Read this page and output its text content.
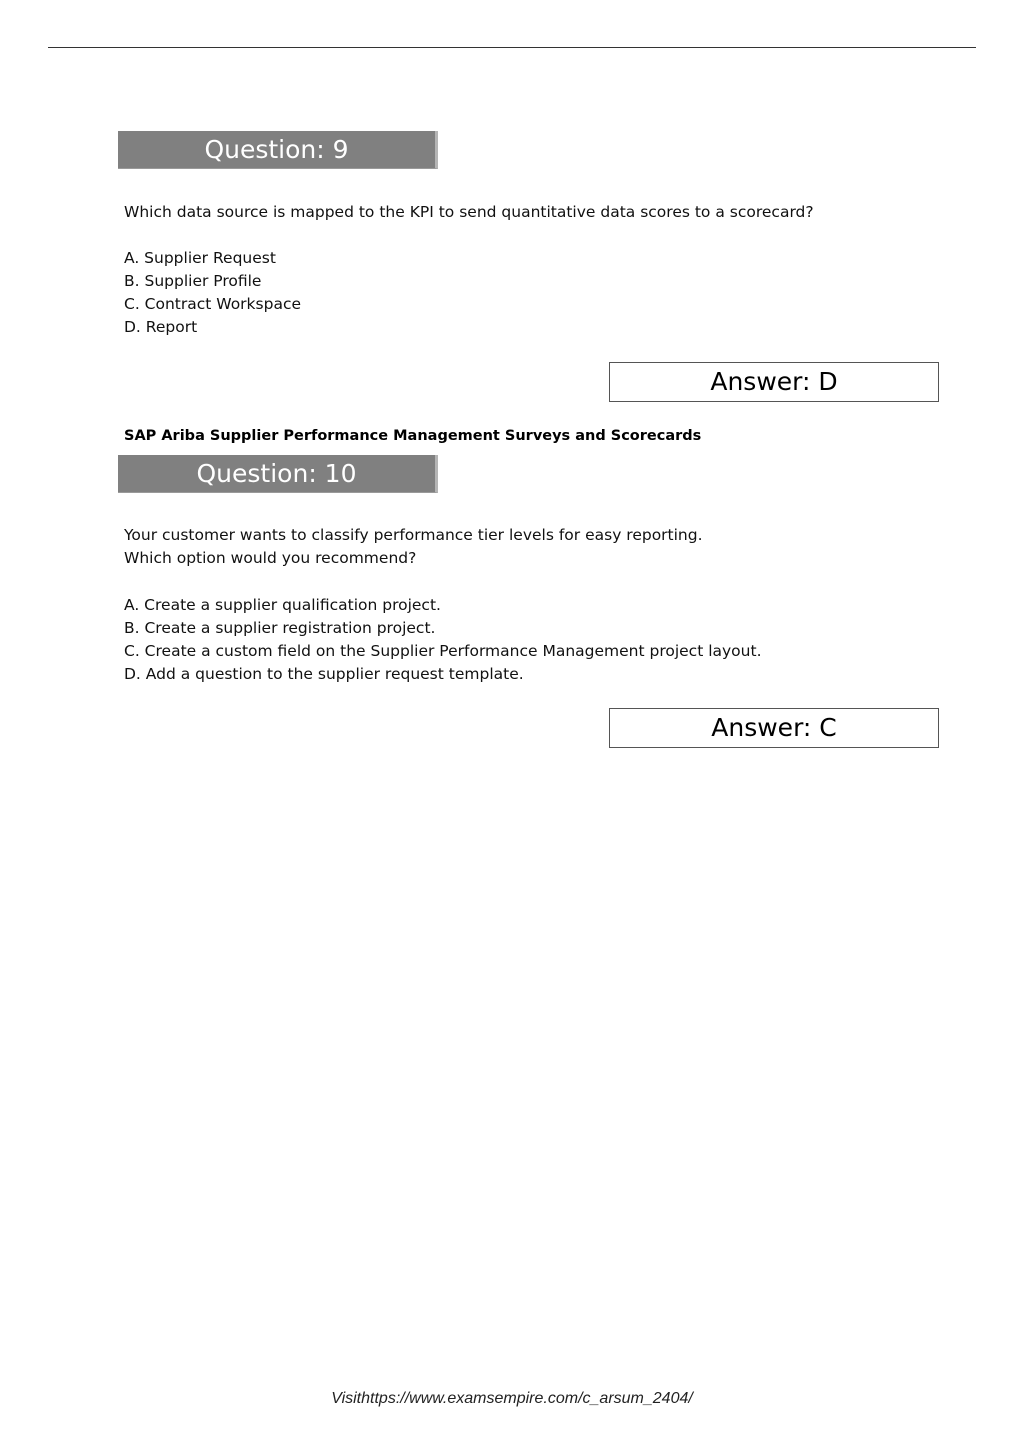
Question: 9
Which data source is mapped to the KPI to send quantitative data scores to a scorecard?
A. Supplier Request
B. Supplier Profile
C. Contract Workspace
D. Report
Answer: D
SAP Ariba Supplier Performance Management Surveys and Scorecards
Question: 10
Your customer wants to classify performance tier levels for easy reporting.
Which option would you recommend?
A. Create a supplier qualification project.
B. Create a supplier registration project.
C. Create a custom field on the Supplier Performance Management project layout.
D. Add a question to the supplier request template.
Answer: C
Visithttps://www.examsempire.com/c_arsum_2404/
